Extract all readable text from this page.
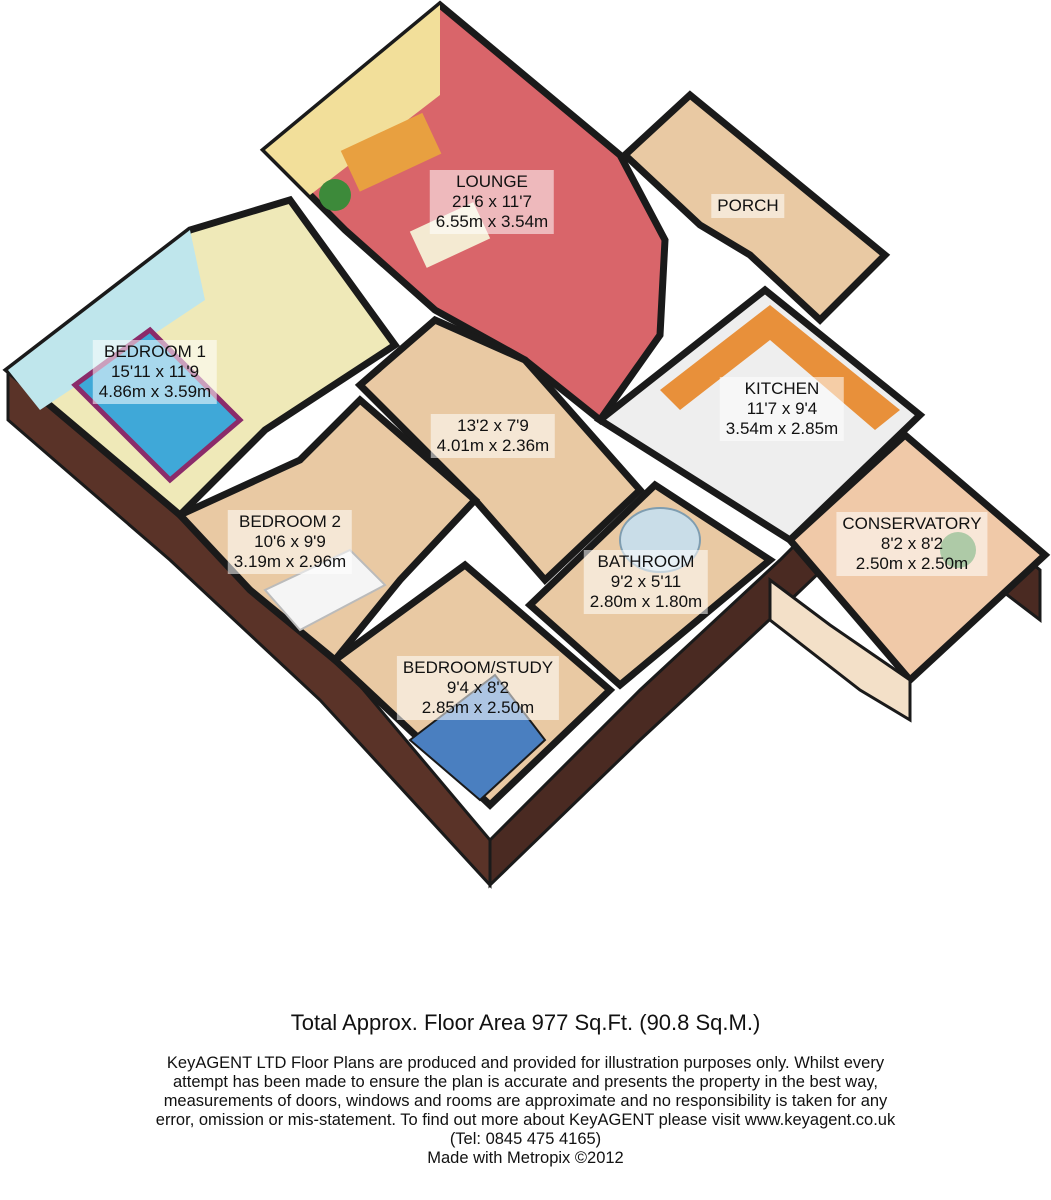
LOUNGE
21'6 x 11'7
6.55m x 3.54m
PORCH
BEDROOM 1
15'11 x 11'9
4.86m x 3.59m
13'2 x 7'9
4.01m x 2.36m
KITCHEN
11'7 x 9'4
3.54m x 2.85m
BEDROOM 2
10'6 x 9'9
3.19m x 2.96m
CONSERVATORY
8'2 x 8'2
2.50m x 2.50m
BATHROOM
9'2 x 5'11
2.80m x 1.80m
BEDROOM/STUDY
9'4 x 8'2
2.85m x 2.50m
Total Approx. Floor Area 977 Sq.Ft. (90.8 Sq.M.)
KeyAGENT LTD Floor Plans are produced and provided for illustration purposes only. Whilst every
attempt has been made to ensure the plan is accurate and presents the property in the best way,
measurements of doors, windows and rooms are approximate and no responsibility is taken for any
error, omission or mis-statement. To find out more about KeyAGENT please visit www.keyagent.co.uk
(Tel: 0845 475 4165)
Made with Metropix ©2012
